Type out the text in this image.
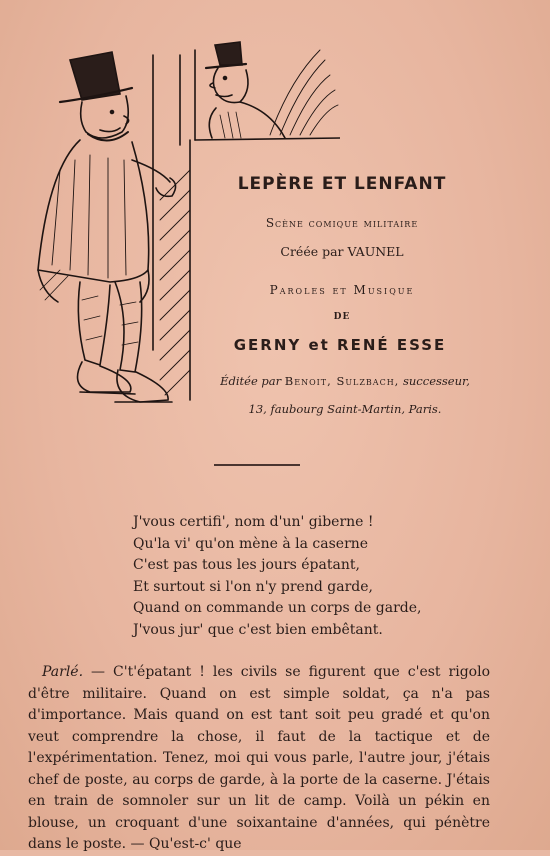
LEPÈRE ET LENFANT
Scène comique militaire
Créée par VAUNEL
Paroles et Musique
DE
GERNY et RENÉ ESSE
Éditée par Benoit, Sulzbach, successeur,
13, faubourg Saint-Martin, Paris.
J'vous certifi', nom d'un' giberne !
Qu'la vi' qu'on mène à la caserne
C'est pas tous les jours épatant,
Et surtout si l'on n'y prend garde,
Quand on commande un corps de garde,
J'vous jur' que c'est bien embêtant.
Parlé. — C't'épatant ! les civils se figurent que c'est rigolo d'être militaire. Quand on est simple soldat, ça n'a pas d'importance. Mais quand on est tant soit peu gradé et qu'on veut comprendre la chose, il faut de la tactique et de l'expérimentation. Tenez, moi qui vous parle, l'autre jour, j'étais chef de poste, au corps de garde, à la porte de la caserne. J'étais en train de somnoler sur un lit de camp. Voilà un pékin en blouse, un croquant d'une soixantaine d'années, qui pénètre dans le poste. — Qu'est-c' que
